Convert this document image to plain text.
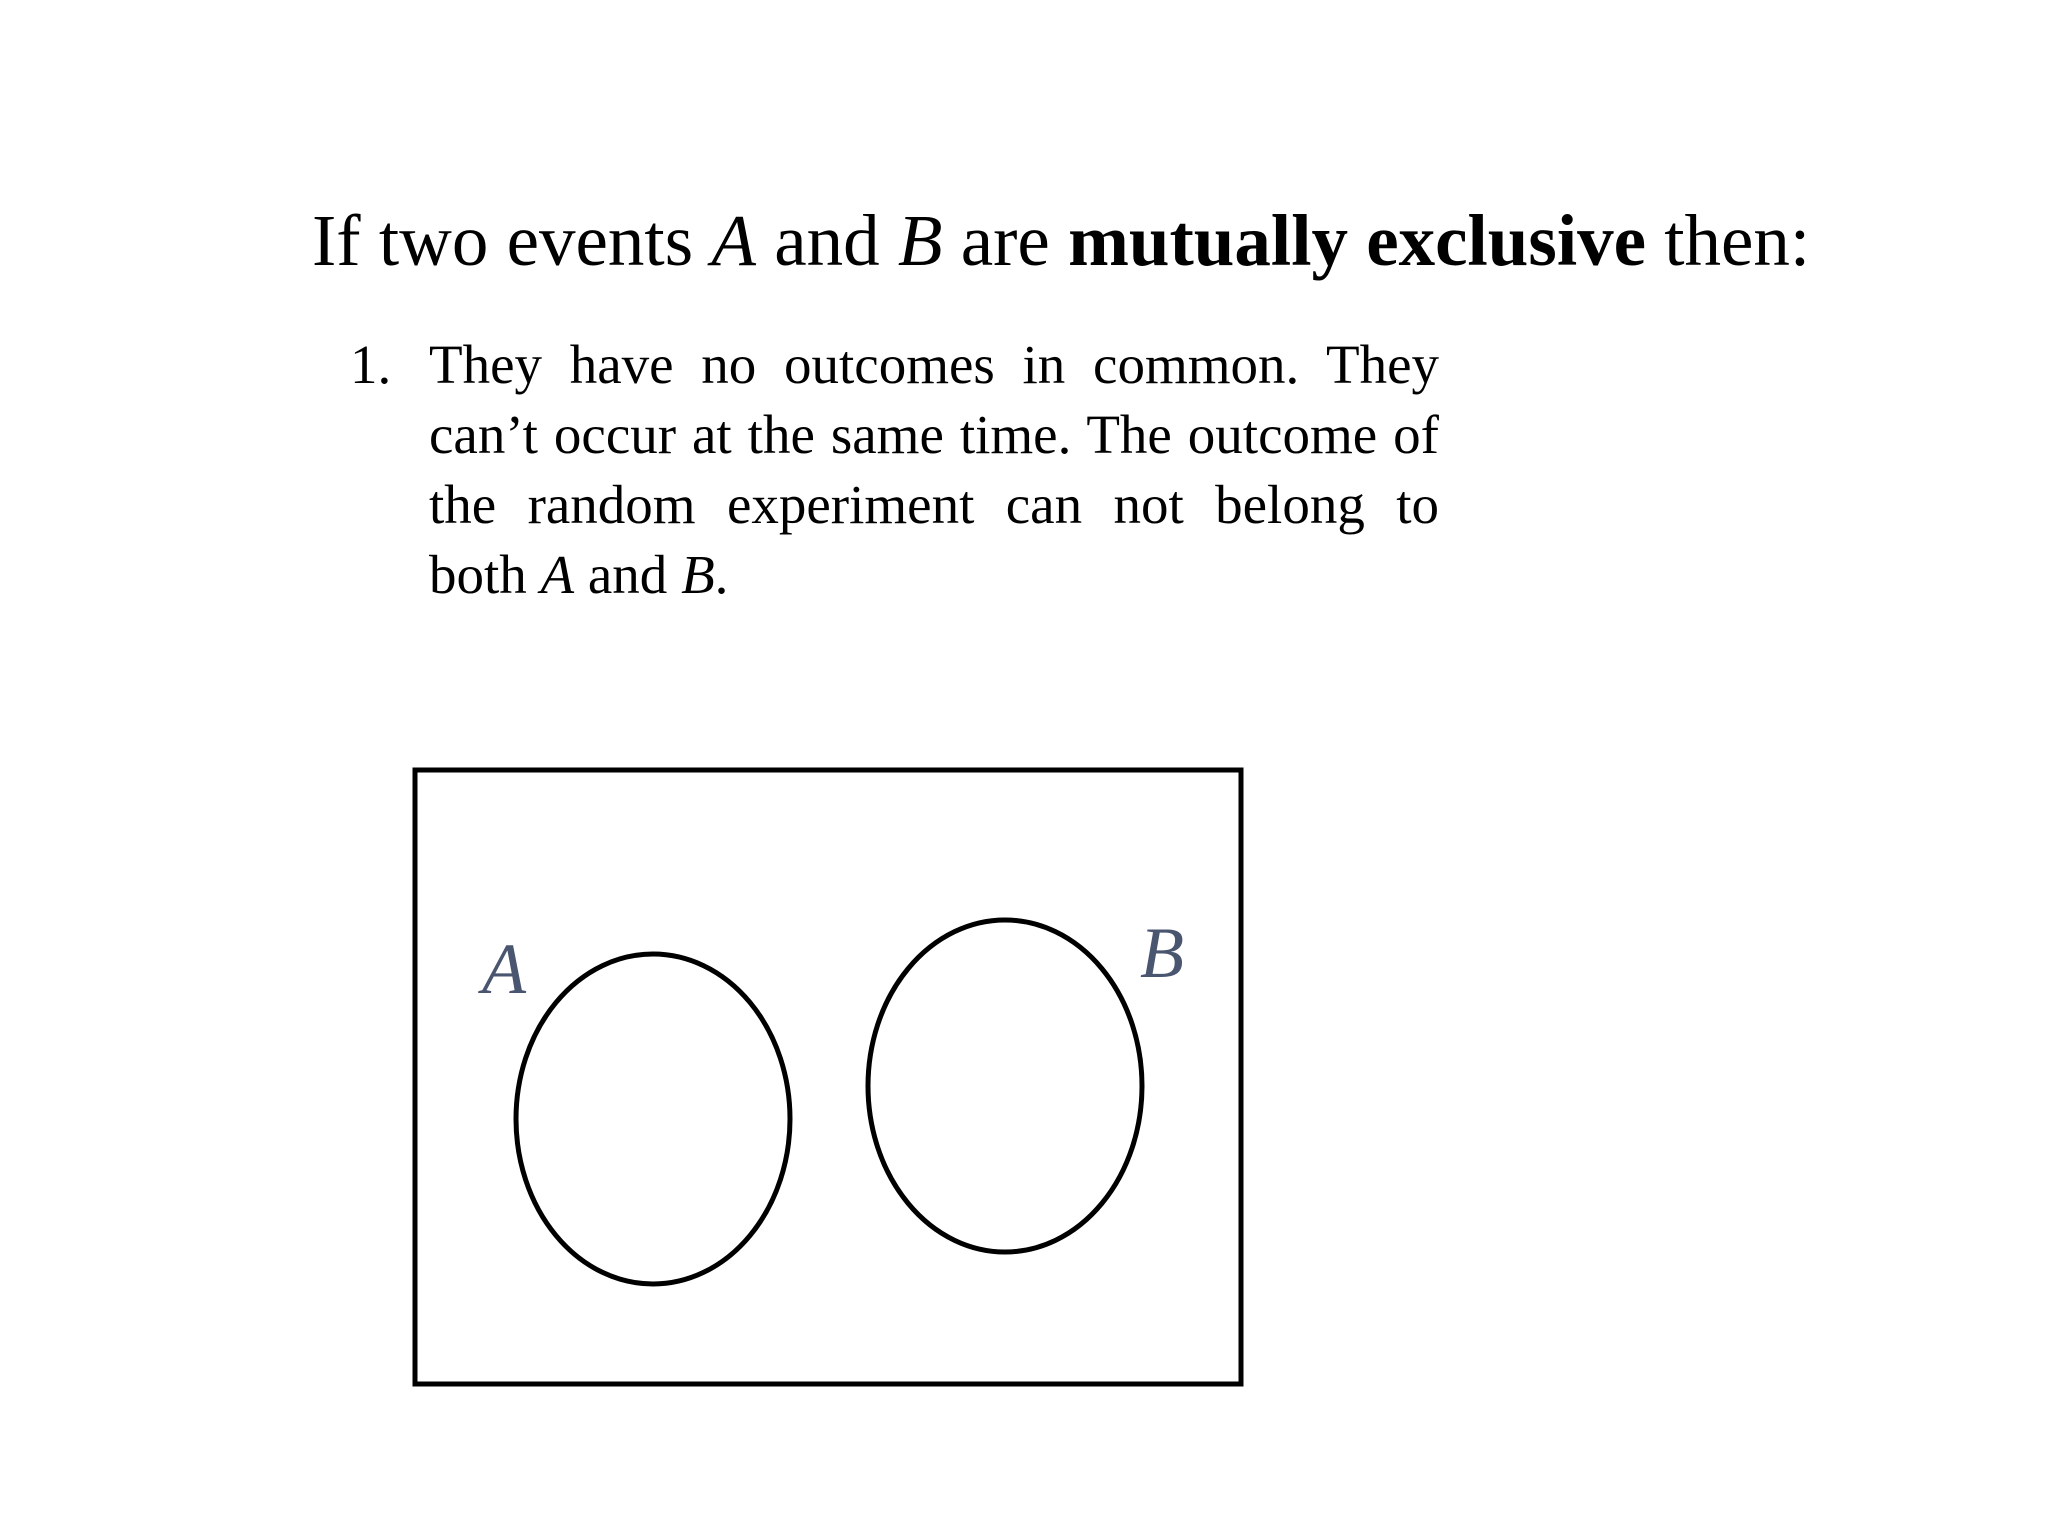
If two events A and B are mutually exclusive then:
1. They have no outcomes in common. They can’t occur at the same time. The outcome of the random experiment can not belong to both A and B.
A	B
